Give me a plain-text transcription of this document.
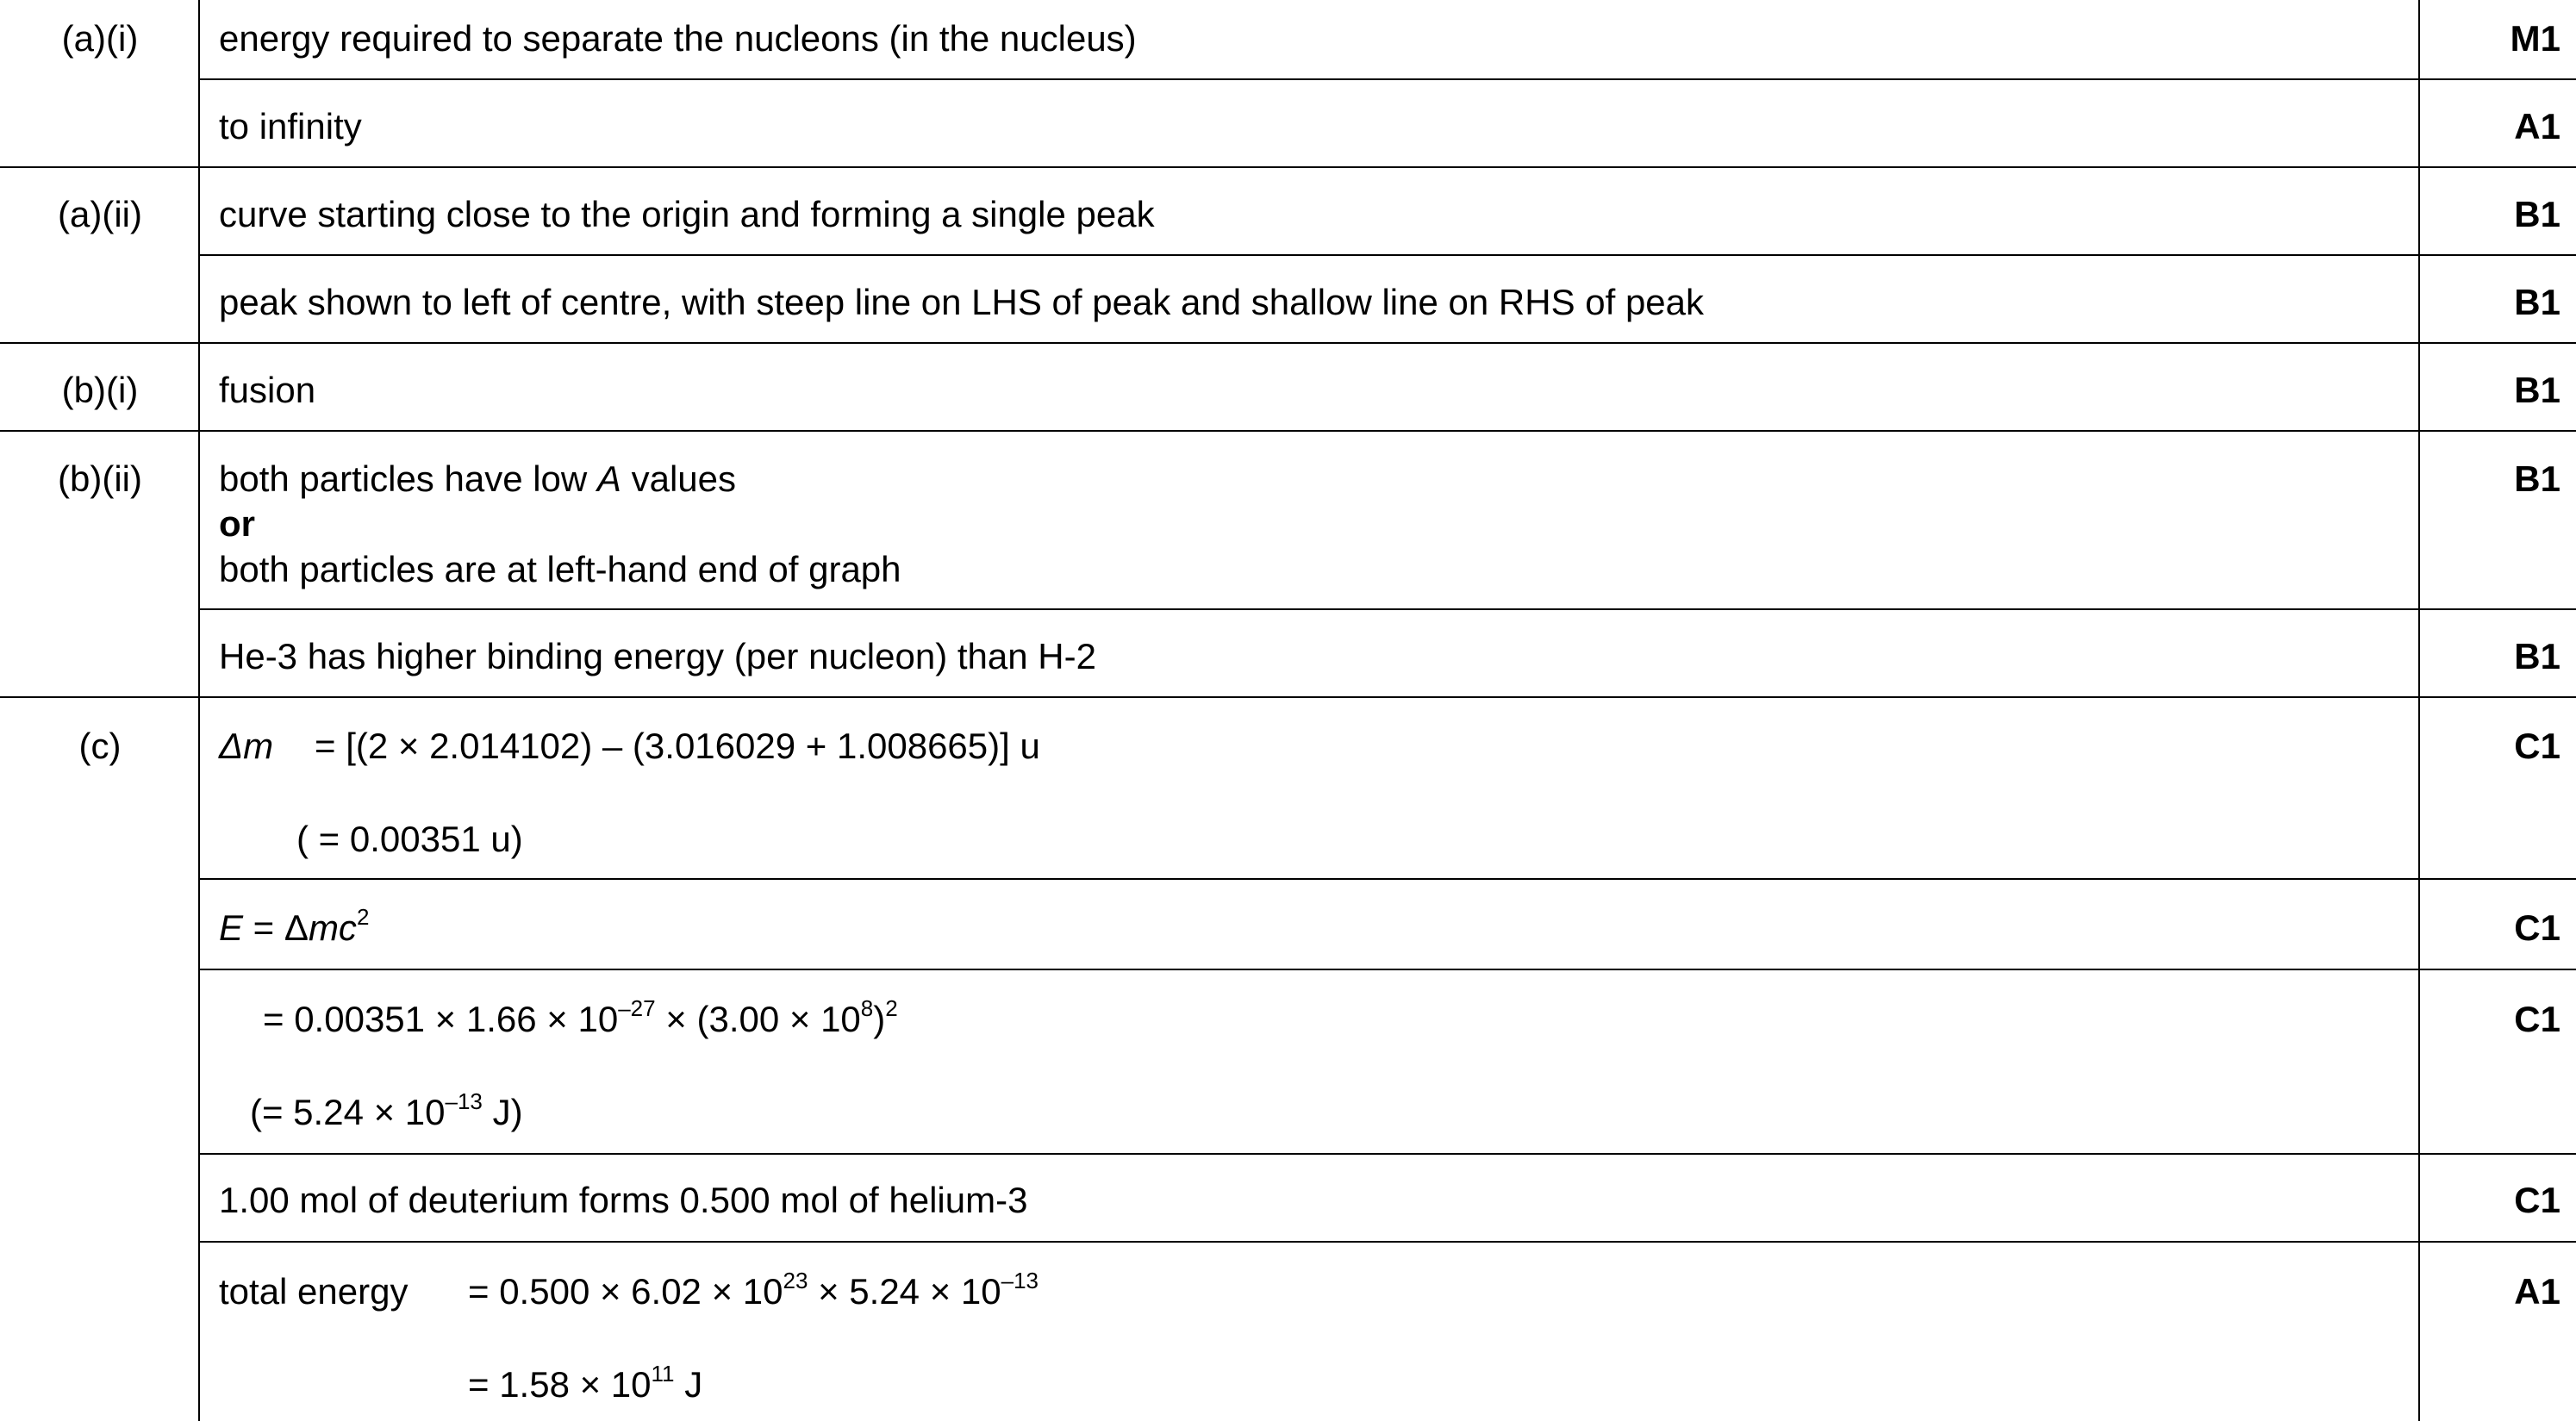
(a)(i)	energy required to separate the nucleons (in the nucleus)	M1
to infinity	A1
(a)(ii)	curve starting close to the origin and forming a single peak	B1
peak shown to left of centre, with steep line on LHS of peak and shallow line on RHS of peak	B1
(b)(i)	fusion	B1
(b)(ii)	both particles have low A values
or
both particles are at left-hand end of graph
B1
He-3 has higher binding energy (per nucleon) than H-2	B1
(c)	Δm = [(2 × 2.014102) – (3.016029 + 1.008665)] u
( = 0.00351 u)
C1
E = Δmc$^2$	C1
= $0.00351 \times 1.66 \times 10^{-27} \times (3.00 \times 10^8)^2$
(= $5.24 \times 10^{-13}$ J)
C1
1.00 mol of deuterium forms 0.500 mol of helium-3	C1
total energy = $0.500 \times 6.02 \times 10^{23} \times 5.24 \times 10^{-13}$
= $1.58 \times 10^{11}$ J
A1
